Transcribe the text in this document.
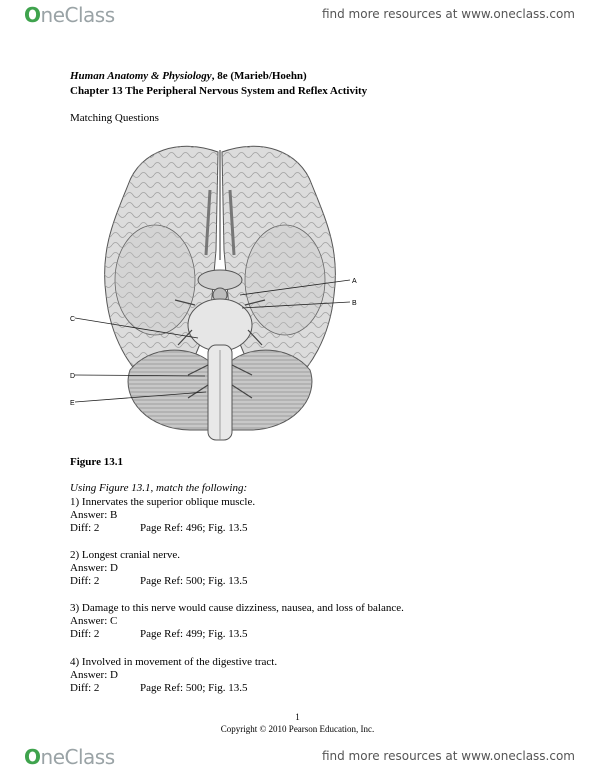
OneClass	find more resources at www.oneclass.com
Human Anatomy & Physiology, 8e (Marieb/Hoehn)
Chapter 13 The Peripheral Nervous System and Reflex Activity
Matching Questions
A
B
C
D
E
Figure 13.1
Using Figure 13.1, match the following:
1) Innervates the superior oblique muscle.
Answer: B
Diff: 2	Page Ref: 496; Fig. 13.5
2) Longest cranial nerve.
Answer: D
Diff: 2	Page Ref: 500; Fig. 13.5
3) Damage to this nerve would cause dizziness, nausea, and loss of balance.
Answer: C
Diff: 2	Page Ref: 499; Fig. 13.5
4) Involved in movement of the digestive tract.
Answer: D
Diff: 2	Page Ref: 500; Fig. 13.5
1
Copyright © 2010 Pearson Education, Inc.
OneClass	find more resources at www.oneclass.com
